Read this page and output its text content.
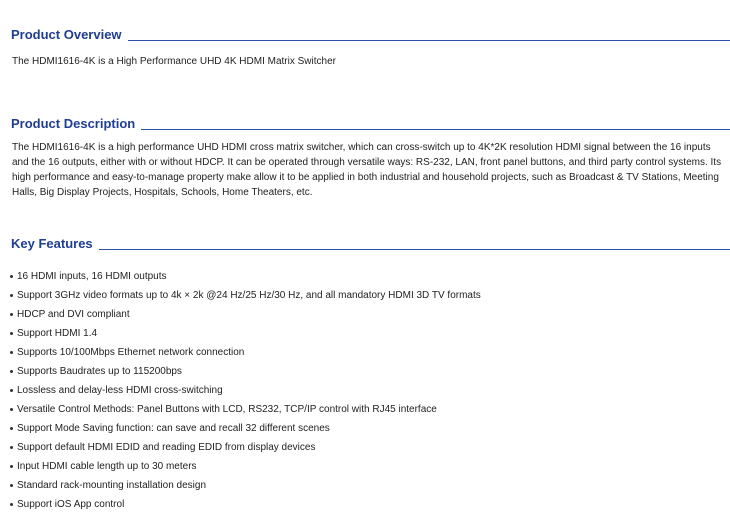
Product Overview
The HDMI1616-4K is a High Performance UHD 4K HDMI Matrix Switcher
Product Description
The HDMI1616-4K is a high performance UHD HDMI cross matrix switcher, which can cross-switch up to 4K*2K resolution HDMI signal between the 16 inputs and the 16 outputs, either with or without HDCP. It can be operated through versatile ways: RS-232, LAN, front panel buttons, and third party control systems. Its high performance and easy-to-manage property make allow it to be applied in both industrial and household projects, such as Broadcast & TV Stations, Meeting Halls, Big Display Projects, Hospitals, Schools, Home Theaters, etc.
Key Features
16 HDMI inputs, 16 HDMI outputs
Support 3GHz video formats up to 4k × 2k @24 Hz/25 Hz/30 Hz, and all mandatory HDMI 3D TV formats
HDCP and DVI compliant
Support HDMI 1.4
Supports 10/100Mbps Ethernet network connection
Supports Baudrates up to 115200bps
Lossless and delay-less HDMI cross-switching
Versatile Control Methods: Panel Buttons with LCD, RS232, TCP/IP control with RJ45 interface
Support Mode Saving function: can save and recall 32 different scenes
Support default HDMI EDID and reading EDID from display devices
Input HDMI cable length up to 30 meters
Standard rack-mounting installation design
Support iOS App control
